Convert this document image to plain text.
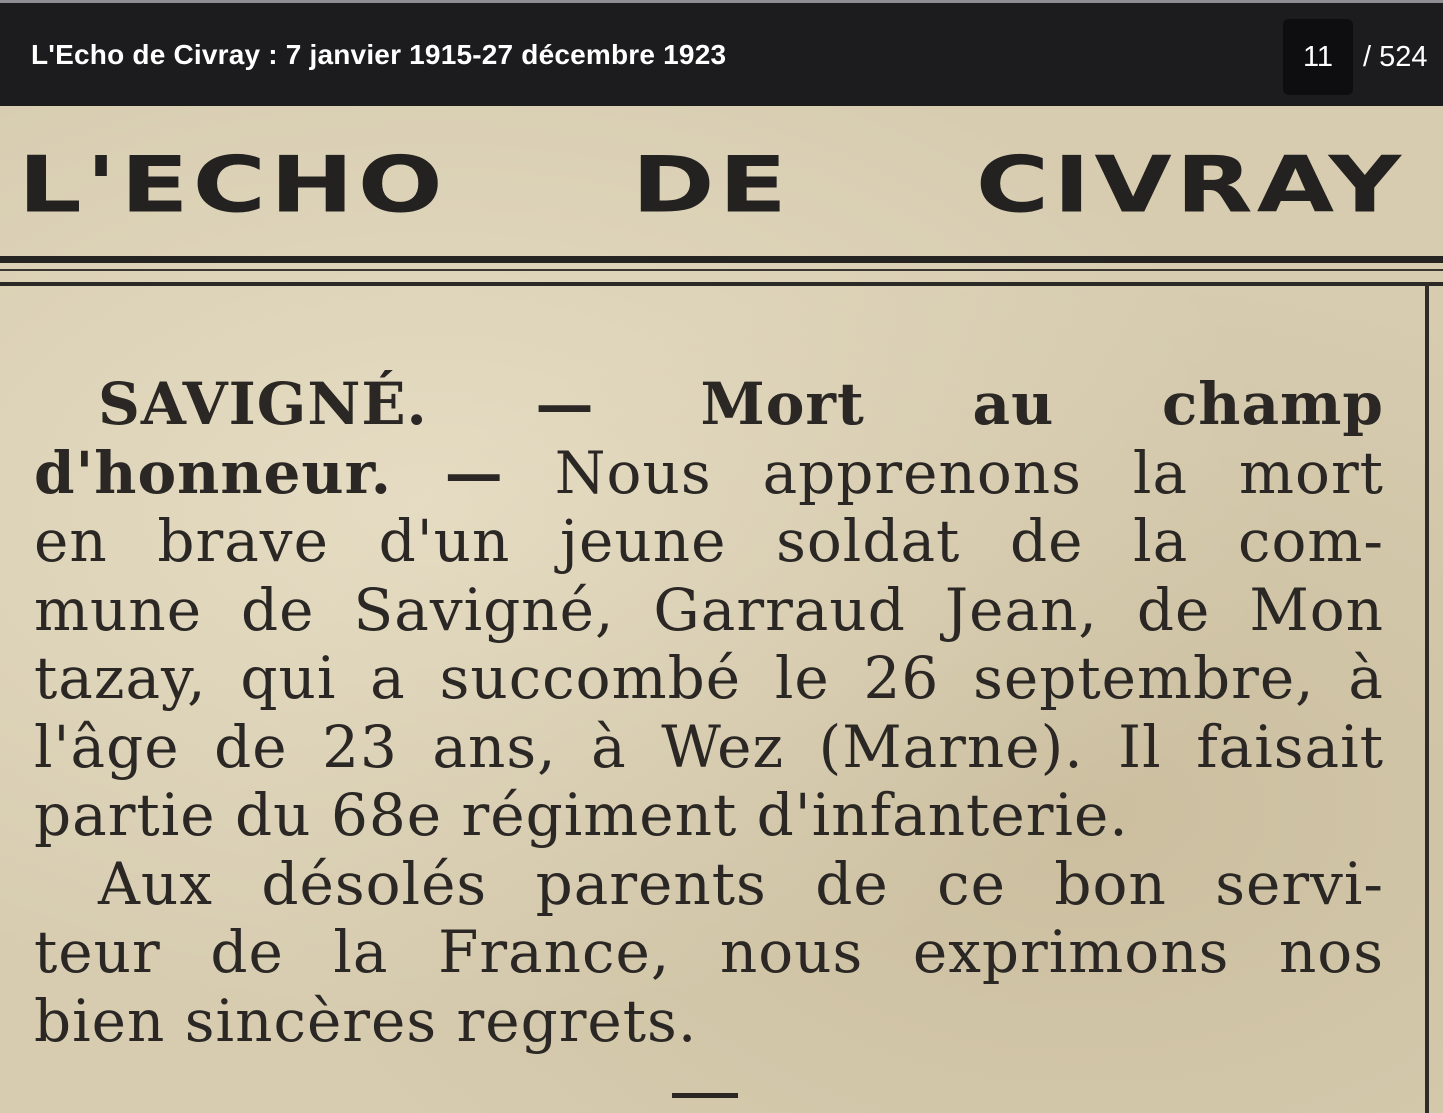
L'Echo de Civray : 7 janvier 1915-27 décembre 1923
11	/ 524
L'ECHO DE CIVRAY
SAVIGNÉ. — Mort au champ
d'honneur. — Nous apprenons la mort
en brave d'un jeune soldat de la com-
mune de Savigné, Garraud Jean, de Mon
tazay, qui a succombé le 26 septembre, à
l'âge de 23 ans, à Wez (Marne). Il faisait
partie du 68e régiment d'infanterie.
Aux désolés parents de ce bon servi-
teur de la France, nous exprimons nos
bien sincères regrets.
